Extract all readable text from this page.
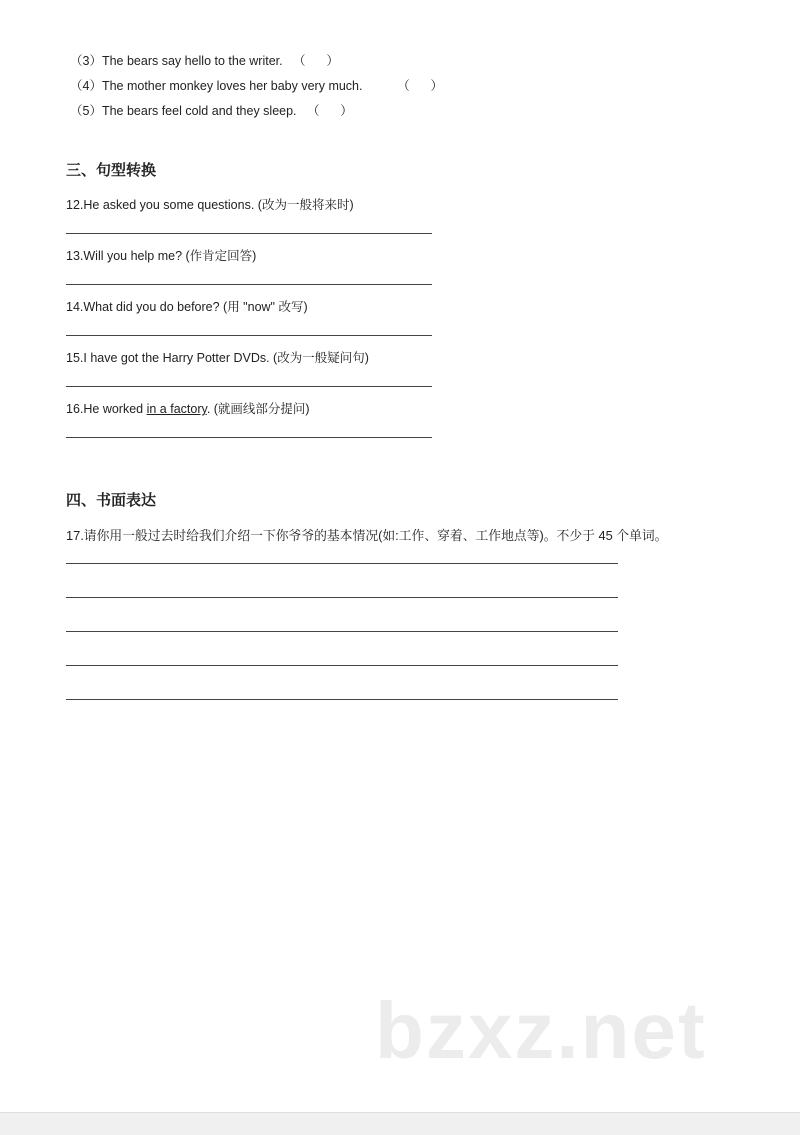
（3）The bears say hello to the writer.   （      ）
（4）The mother monkey loves her baby very much.          （      ）
（5）The bears feel cold and they sleep.   （      ）
三、句型转换
12.He asked you some questions. (改为一般将来时)
13.Will you help me? (作肯定回答)
14.What did you do before? (用 "now" 改写)
15.I have got the Harry Potter DVDs. (改为一般疑问句)
16.He worked in a factory. (就画线部分提问)
四、书面表达
17.请你用一般过去时给我们介绍一下你爷爷的基本情况(如:工作、穿着、工作地点等)。不少于 45 个单词。
bzxz.net
